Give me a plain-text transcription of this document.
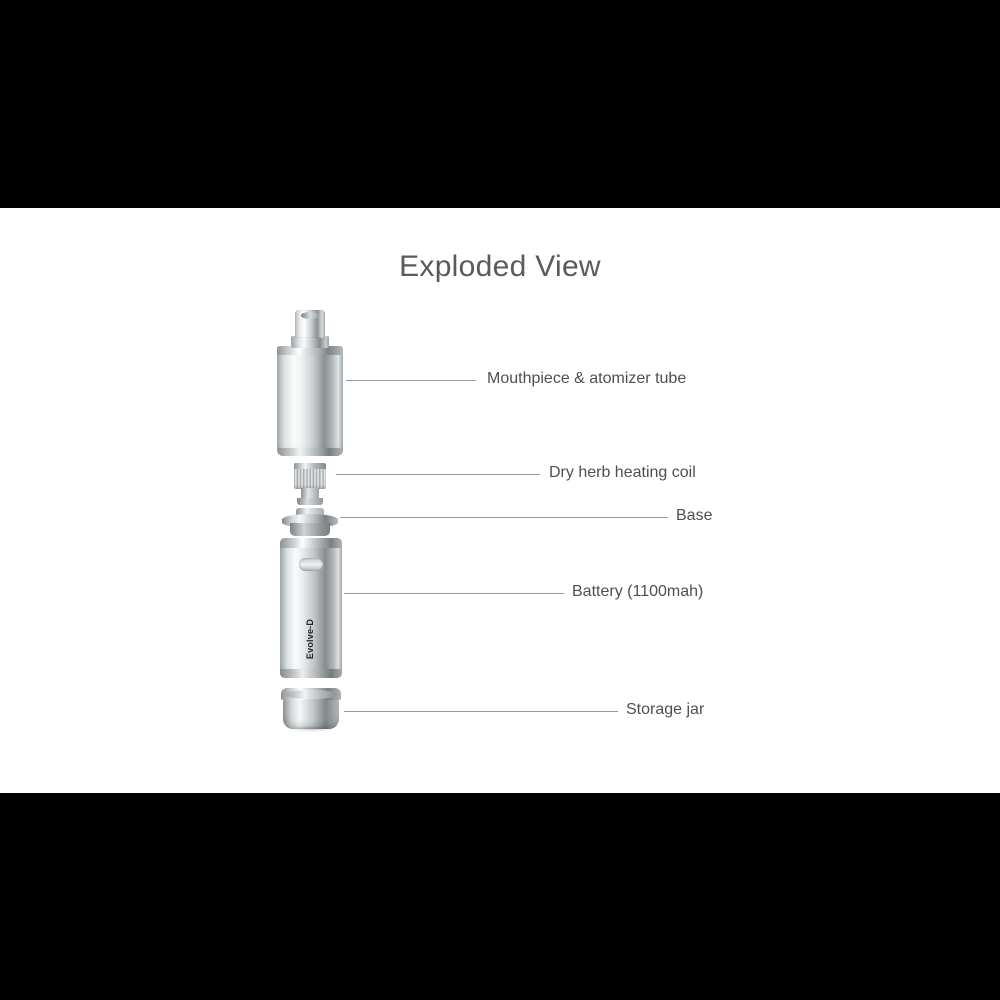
Exploded View
Evolve-D
Mouthpiece & atomizer tube
Dry herb heating coil
Base
Battery (1100mah)
Storage jar
